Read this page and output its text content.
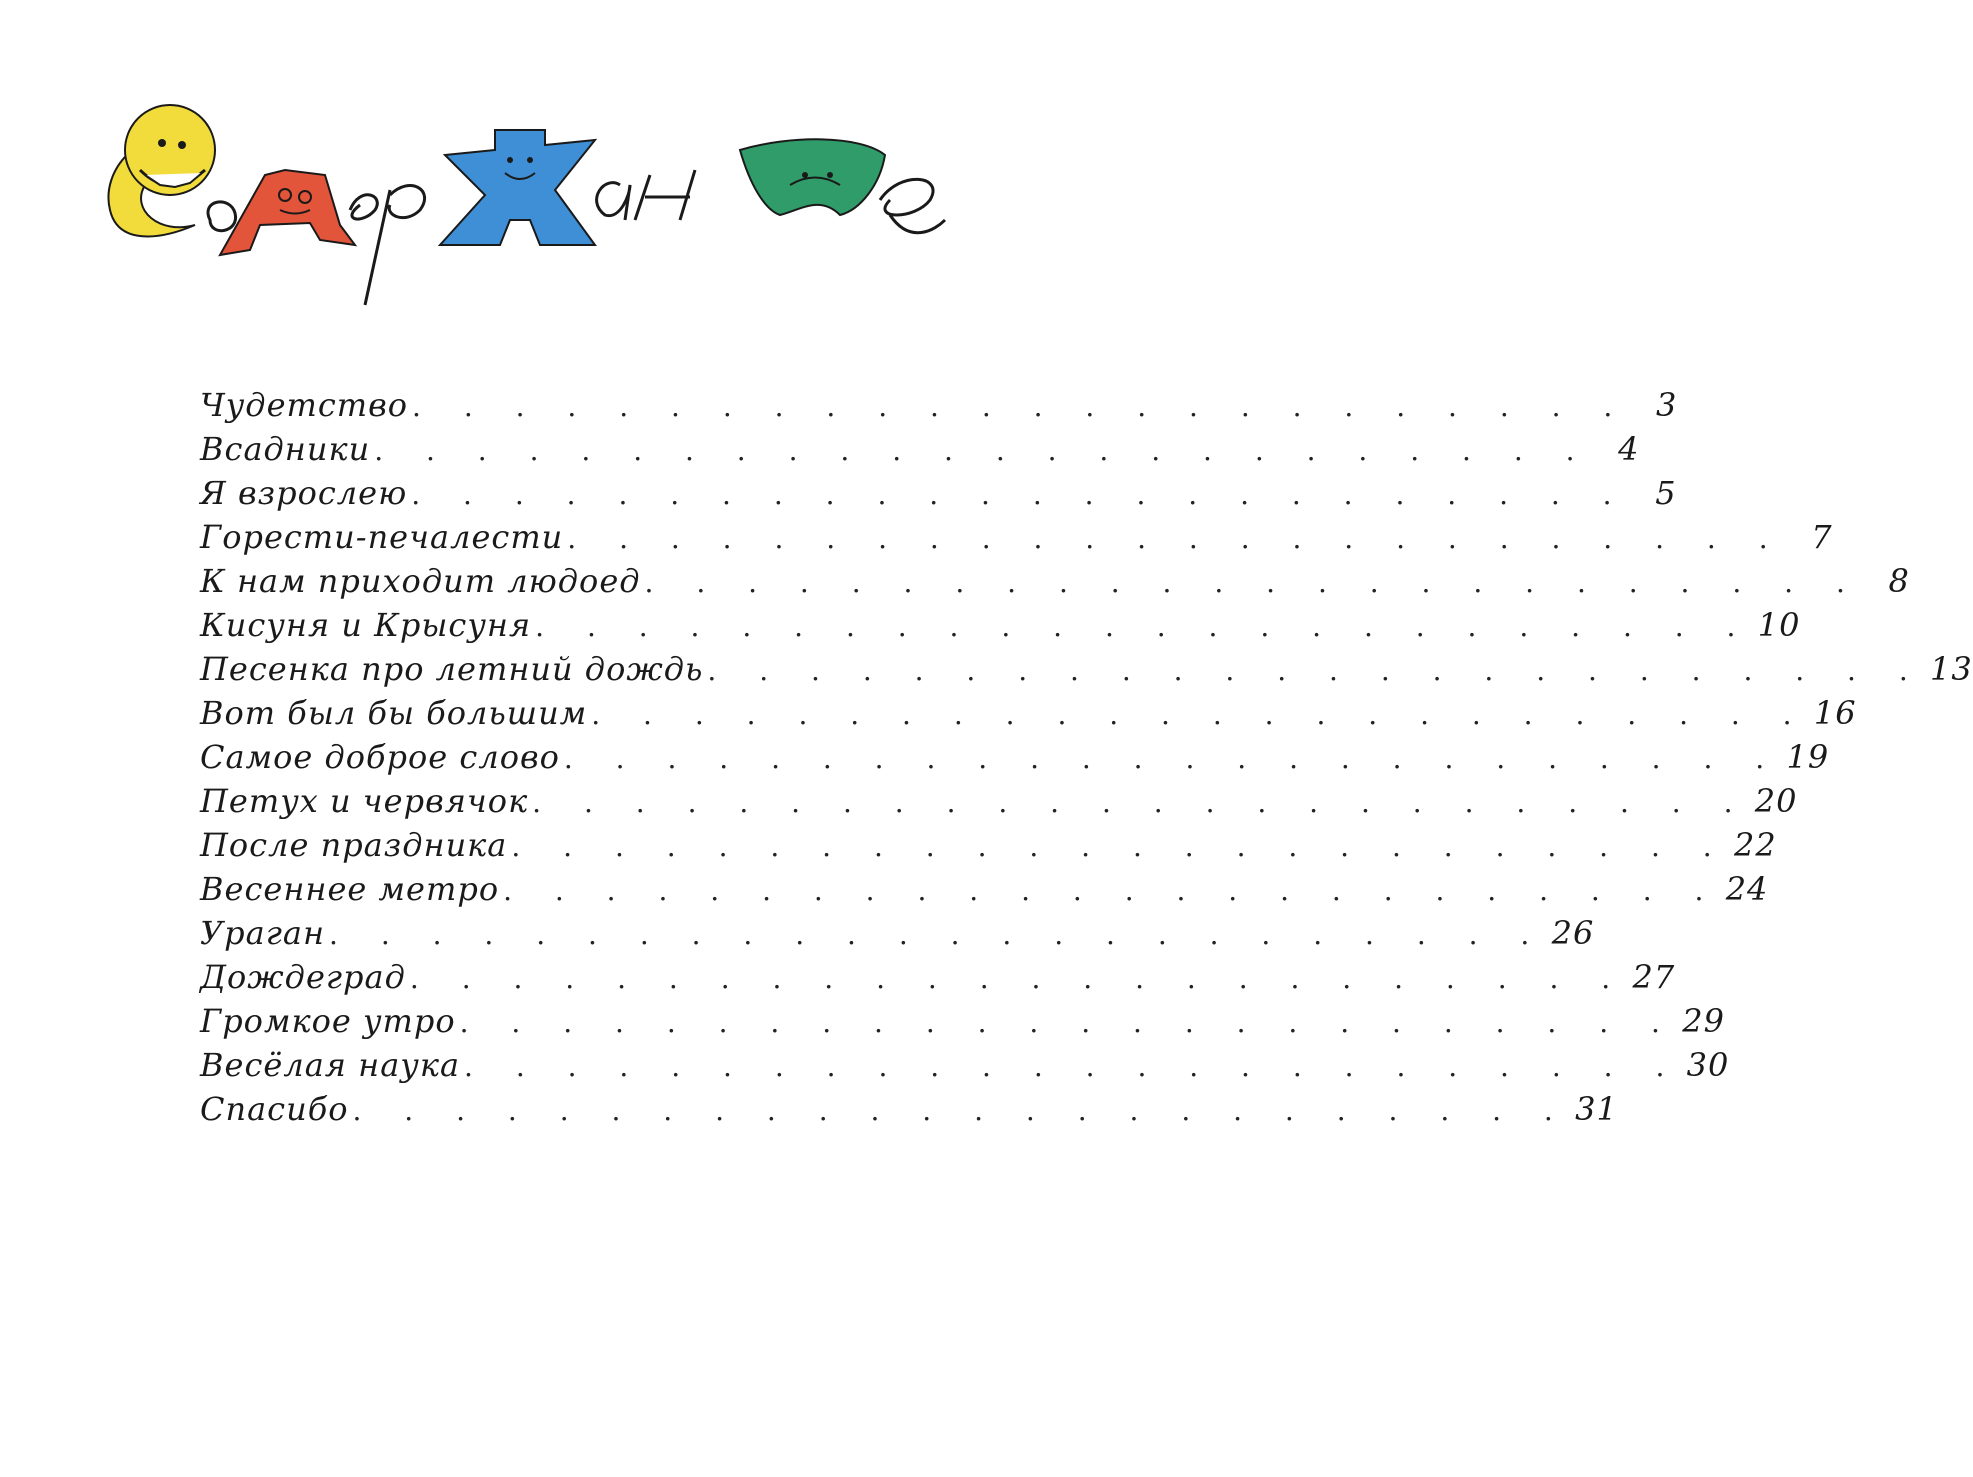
Чудетство . . . . . . . . . . . . . . . . . . . . . . . . 3
Всадники . . . . . . . . . . . . . . . . . . . . . . . . 4
Я взрослею . . . . . . . . . . . . . . . . . . . . . . . . 5
Горести-печалести . . . . . . . . . . . . . . . . . . . . . . . . 7
К нам приходит людоед . . . . . . . . . . . . . . . . . . . . . . . . 8
Кисуня и Крысуня . . . . . . . . . . . . . . . . . . . . . . . . 10
Песенка про летний дождь . . . . . . . . . . . . . . . . . . . . . . . . 13
Вот был бы большим . . . . . . . . . . . . . . . . . . . . . . . . 16
Самое доброе слово . . . . . . . . . . . . . . . . . . . . . . . . 19
Петух и червячок . . . . . . . . . . . . . . . . . . . . . . . . 20
После праздника . . . . . . . . . . . . . . . . . . . . . . . . 22
Весеннее метро . . . . . . . . . . . . . . . . . . . . . . . . 24
Ураган . . . . . . . . . . . . . . . . . . . . . . . . 26
Дождеград . . . . . . . . . . . . . . . . . . . . . . . . 27
Громкое утро . . . . . . . . . . . . . . . . . . . . . . . . 29
Весёлая наука . . . . . . . . . . . . . . . . . . . . . . . . 30
Спасибо . . . . . . . . . . . . . . . . . . . . . . . . 31
